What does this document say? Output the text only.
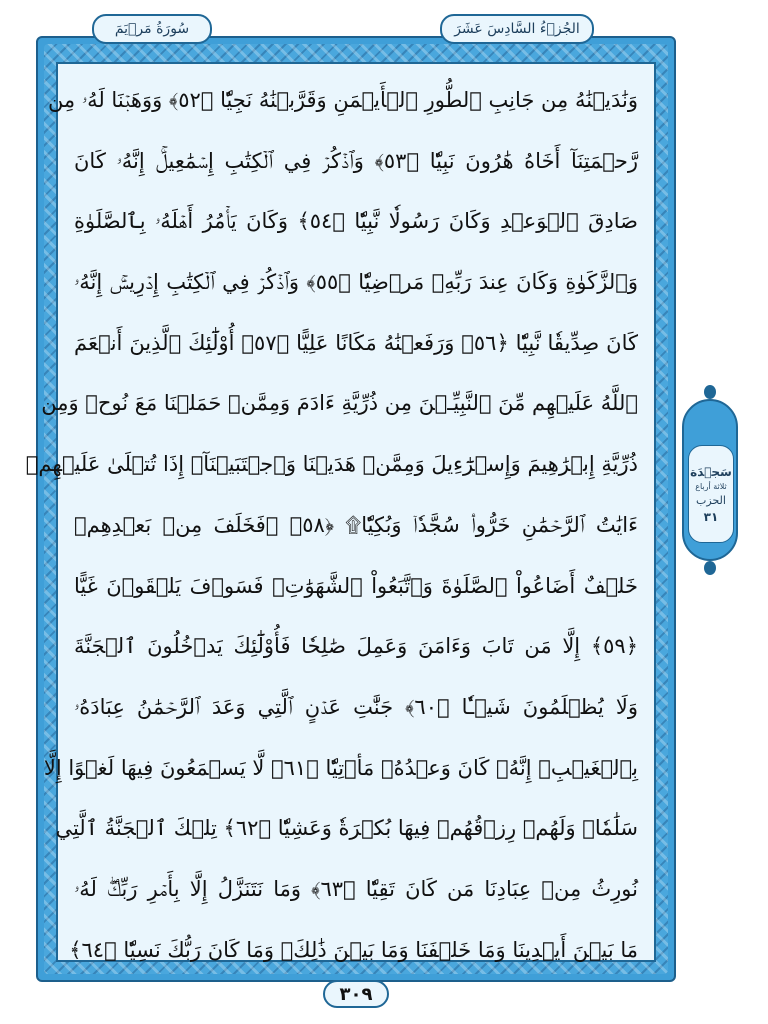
سُورَةُ مَرۡيَمَ	الجُزۡءُ السَّادِسَ عَشَرَ
وَنَٰدَيۡنَٰهُ مِن جَانِبِ ٱلطُّورِ ٱلۡأَيۡمَنِ وَقَرَّبۡنَٰهُ نَجِيّٗا ﴿٥٢﴾ وَوَهَبۡنَا لَهُۥ مِن
رَّحۡمَتِنَآ أَخَاهُ هَٰرُونَ نَبِيّٗا ﴿٥٣﴾ وَٱذۡكُرۡ فِي ٱلۡكِتَٰبِ إِسۡمَٰعِيلَۚ إِنَّهُۥ كَانَ
صَادِقَ ٱلۡوَعۡدِ وَكَانَ رَسُولٗا نَّبِيّٗا ﴿٥٤﴾ وَكَانَ يَأۡمُرُ أَهۡلَهُۥ بِٱلصَّلَوٰةِ
وَٱلزَّكَوٰةِ وَكَانَ عِندَ رَبِّهِۦ مَرۡضِيّٗا ﴿٥٥﴾ وَٱذۡكُرۡ فِي ٱلۡكِتَٰبِ إِدۡرِيسَۚ إِنَّهُۥ
كَانَ صِدِّيقٗا نَّبِيّٗا ﴿٥٦﴾ وَرَفَعۡنَٰهُ مَكَانًا عَلِيًّا ﴿٥٧﴾ أُوْلَٰٓئِكَ ٱلَّذِينَ أَنۡعَمَ
ٱللَّهُ عَلَيۡهِم مِّنَ ٱلنَّبِيِّـۧنَ مِن ذُرِّيَّةِ ءَادَمَ وَمِمَّنۡ حَمَلۡنَا مَعَ نُوحٖ وَمِن
ذُرِّيَّةِ إِبۡرَٰهِيمَ وَإِسۡرَٰٓءِيلَ وَمِمَّنۡ هَدَيۡنَا وَٱجۡتَبَيۡنَآۚ إِذَا تُتۡلَىٰ عَلَيۡهِمۡ
ءَايَٰتُ ٱلرَّحۡمَٰنِ خَرُّواْۤ سُجَّدٗاۤ وَبُكِيّٗا۩ ﴿٥٨﴾ ۞فَخَلَفَ مِنۢ بَعۡدِهِمۡ
خَلۡفٌ أَضَاعُواْ ٱلصَّلَوٰةَ وَٱتَّبَعُواْ ٱلشَّهَوَٰتِۖ فَسَوۡفَ يَلۡقَوۡنَ غَيًّا
﴿٥٩﴾ إِلَّا مَن تَابَ وَءَامَنَ وَعَمِلَ صَٰلِحٗا فَأُوْلَٰٓئِكَ يَدۡخُلُونَ ٱلۡجَنَّةَ
وَلَا يُظۡلَمُونَ شَيۡـٔٗا ﴿٦٠﴾ جَنَّٰتِ عَدۡنٍ ٱلَّتِي وَعَدَ ٱلرَّحۡمَٰنُ عِبَادَهُۥ
بِٱلۡغَيۡبِۚ إِنَّهُۥ كَانَ وَعۡدُهُۥ مَأۡتِيّٗا ﴿٦١﴾ لَّا يَسۡمَعُونَ فِيهَا لَغۡوًا إِلَّا
سَلَٰمٗاۖ وَلَهُمۡ رِزۡقُهُمۡ فِيهَا بُكۡرَةٗ وَعَشِيّٗا ﴿٦٢﴾ تِلۡكَ ٱلۡجَنَّةُ ٱلَّتِي
نُورِثُ مِنۡ عِبَادِنَا مَن كَانَ تَقِيّٗا ﴿٦٣﴾ وَمَا نَتَنَزَّلُ إِلَّا بِأَمۡرِ رَبِّكَۖ لَهُۥ
مَا بَيۡنَ أَيۡدِينَا وَمَا خَلۡفَنَا وَمَا بَيۡنَ ذَٰلِكَۚ وَمَا كَانَ رَبُّكَ نَسِيّٗا ﴿٦٤﴾
سَجۡدَة
ثلاثة أرباع
الحزب
٣١
٣٠٩
